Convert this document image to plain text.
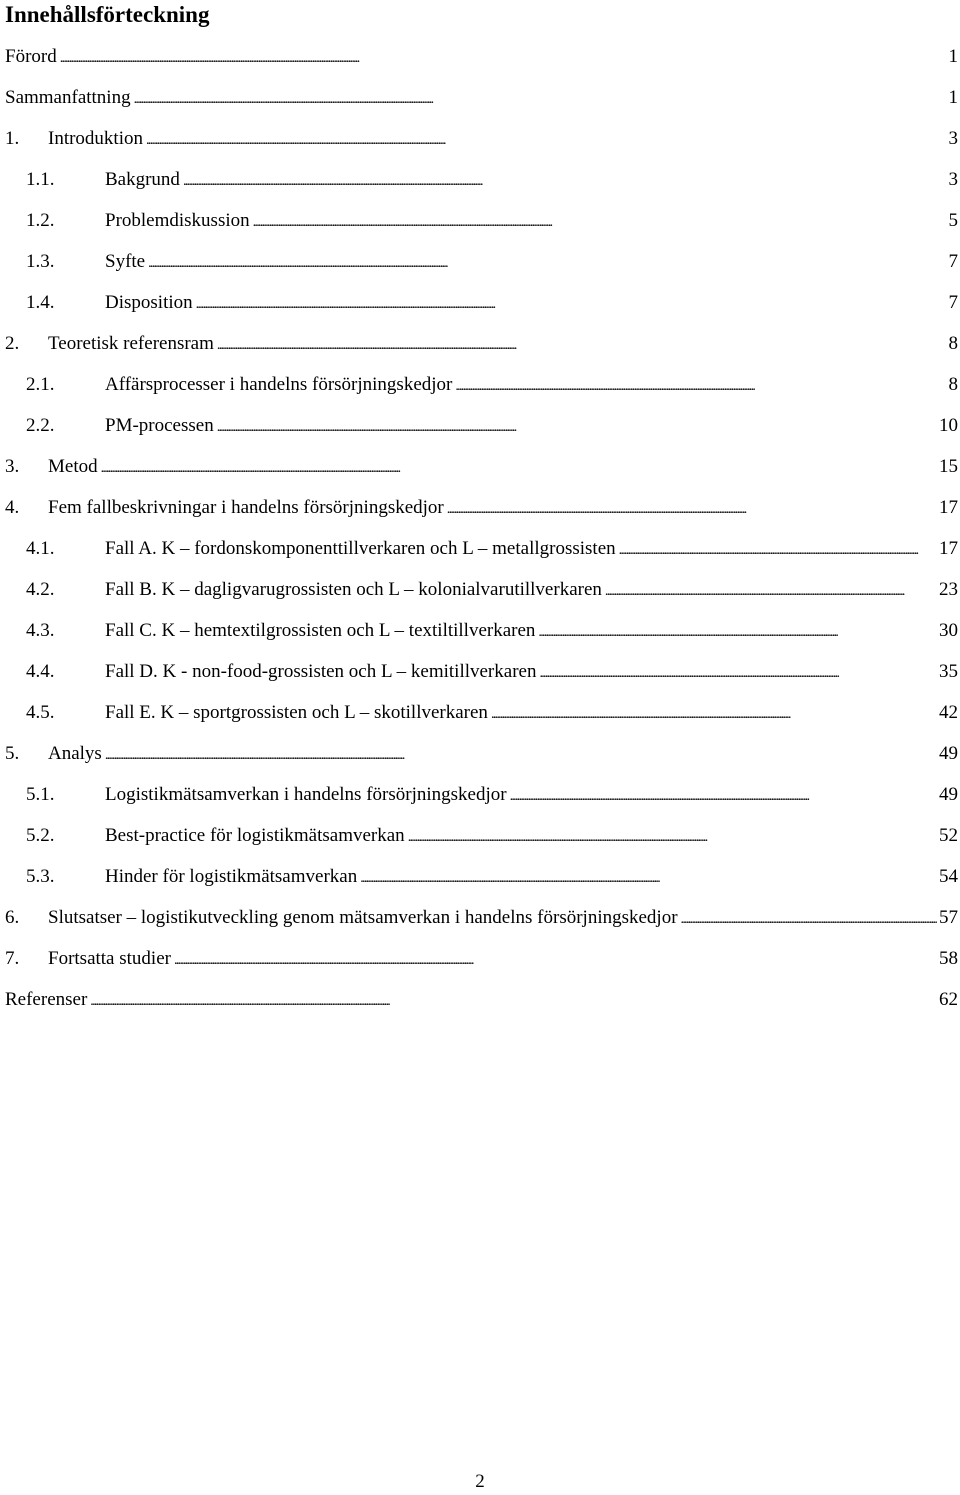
Innehållsförteckning
Förord . . .	1
Sammanfattning . . .	1
1.	Introduktion . . .	3
1.1.	Bakgrund . . .	3
1.2.	Problemdiskussion . . .	5
1.3.	Syfte . . .	7
1.4.	Disposition . . .	7
2.	Teoretisk referensram . . .	8
2.1.	Affärsprocesser i handelns försörjningskedjor . . .	8
2.2.	PM-processen . . .	10
3.	Metod . . .	15
4.	Fem fallbeskrivningar i handelns försörjningskedjor . . .	17
4.1.	Fall A. K – fordonskomponenttillverkaren och L – metallgrossisten . . .	17
4.2.	Fall B. K – dagligvarugrossisten och L – kolonialvarutillverkaren . . .	23
4.3.	Fall C. K – hemtextilgrossisten och L – textiltillverkaren . . .	30
4.4.	Fall D. K - non-food-grossisten och L – kemitillverkaren . . .	35
4.5.	Fall E. K – sportgrossisten och L – skotillverkaren . . .	42
5.	Analys . . .	49
5.1.	Logistikmätsamverkan i handelns försörjningskedjor . . .	49
5.2.	Best-practice för logistikmätsamverkan . . .	52
5.3.	Hinder för logistikmätsamverkan . . .	54
6.	Slutsatser – logistikutveckling genom mätsamverkan i handelns försörjningskedjor . . .	57
7.	Fortsatta studier . . .	58
Referenser . . .	62
2
